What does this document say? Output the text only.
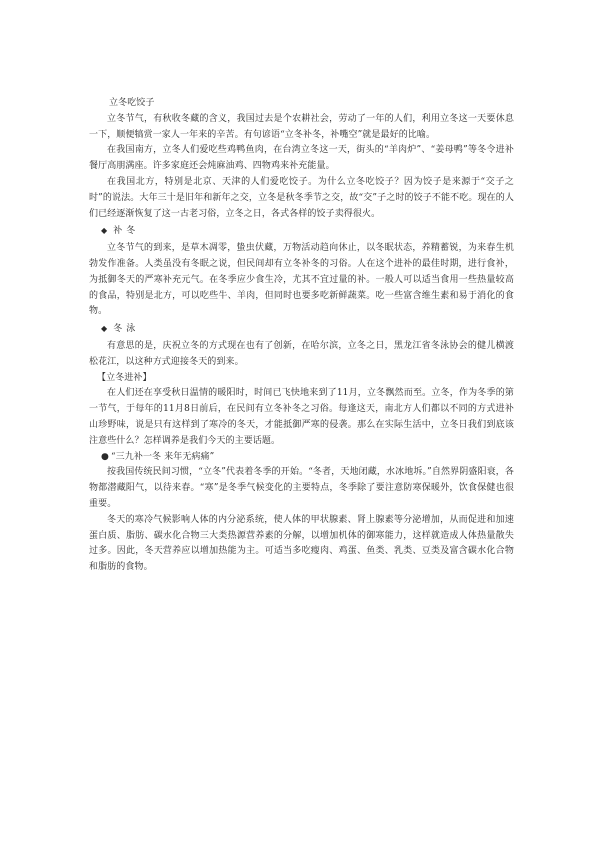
立冬吃饺子

立冬节气，有秋收冬藏的含义，我国过去是个农耕社会，劳动了一年的人们，利用立冬这一天要休息一下，顺便犒赏一家人一年来的辛苦。有句谚语“立冬补冬，补嘴空”就是最好的比喻。

在我国南方，立冬人们爱吃些鸡鸭鱼肉，在台湾立冬这一天，街头的“羊肉炉”、“姜母鸭”等冬令进补餐厅高朋满座。许多家庭还会炖麻油鸡、四物鸡来补充能量。

在我国北方，特别是北京、天津的人们爱吃饺子。为什么立冬吃饺子？因为饺子是来源于“交子之时”的说法。大年三十是旧年和新年之交，立冬是秋冬季节之交，故“交”子之时的饺子不能不吃。现在的人们已经逐渐恢复了这一古老习俗，立冬之日，各式各样的饺子卖得很火。

◆ 补冬

立冬节气的到来，是草木凋零，蛰虫伏藏，万物活动趋向休止，以冬眠状态，养精蓄锐，为来春生机勃发作准备。人类虽没有冬眠之说，但民间却有立冬补冬的习俗。人在这个进补的最佳时期，进行食补，为抵御冬天的严寒补充元气。在冬季应少食生冷，尤其不宜过量的补。一般人可以适当食用一些热量较高的食品，特别是北方，可以吃些牛、羊肉，但同时也要多吃新鲜蔬菜。吃一些富含维生素和易于消化的食物。

◆ 冬泳

有意思的是，庆祝立冬的方式现在也有了创新，在哈尔滨，立冬之日，黑龙江省冬泳协会的健儿横渡松花江，以这种方式迎接冬天的到来。

【立冬进补】

在人们还在享受秋日温情的暖阳时，时间已飞快地来到了11月，立冬飘然而至。立冬，作为冬季的第一节气，于每年的11月8日前后，在民间有立冬补冬之习俗。每逢这天，南北方人们都以不同的方式进补山珍野味，说是只有这样到了寒冷的冬天，才能抵御严寒的侵袭。那么在实际生活中，立冬日我们到底该注意些什么？怎样调养是我们今天的主要话题。

● “三九补一冬 来年无病痛”

按我国传统民间习惯，“立冬”代表着冬季的开始。“冬者，天地闭藏，水冰地坼。”自然界阴盛阳衰，各物都潜藏阳气，以待来春。“寒”是冬季气候变化的主要特点，冬季除了要注意防寒保暖外，饮食保健也很重要。

冬天的寒冷气候影响人体的内分泌系统，使人体的甲状腺素、肾上腺素等分泌增加，从而促进和加速蛋白质、脂肪、碳水化合物三大类热源营养素的分解，以增加机体的御寒能力，这样就造成人体热量散失过多。因此，冬天营养应以增加热能为主。可适当多吃瘦肉、鸡蛋、鱼类、乳类、豆类及富含碳水化合物和脂肪的食物。
